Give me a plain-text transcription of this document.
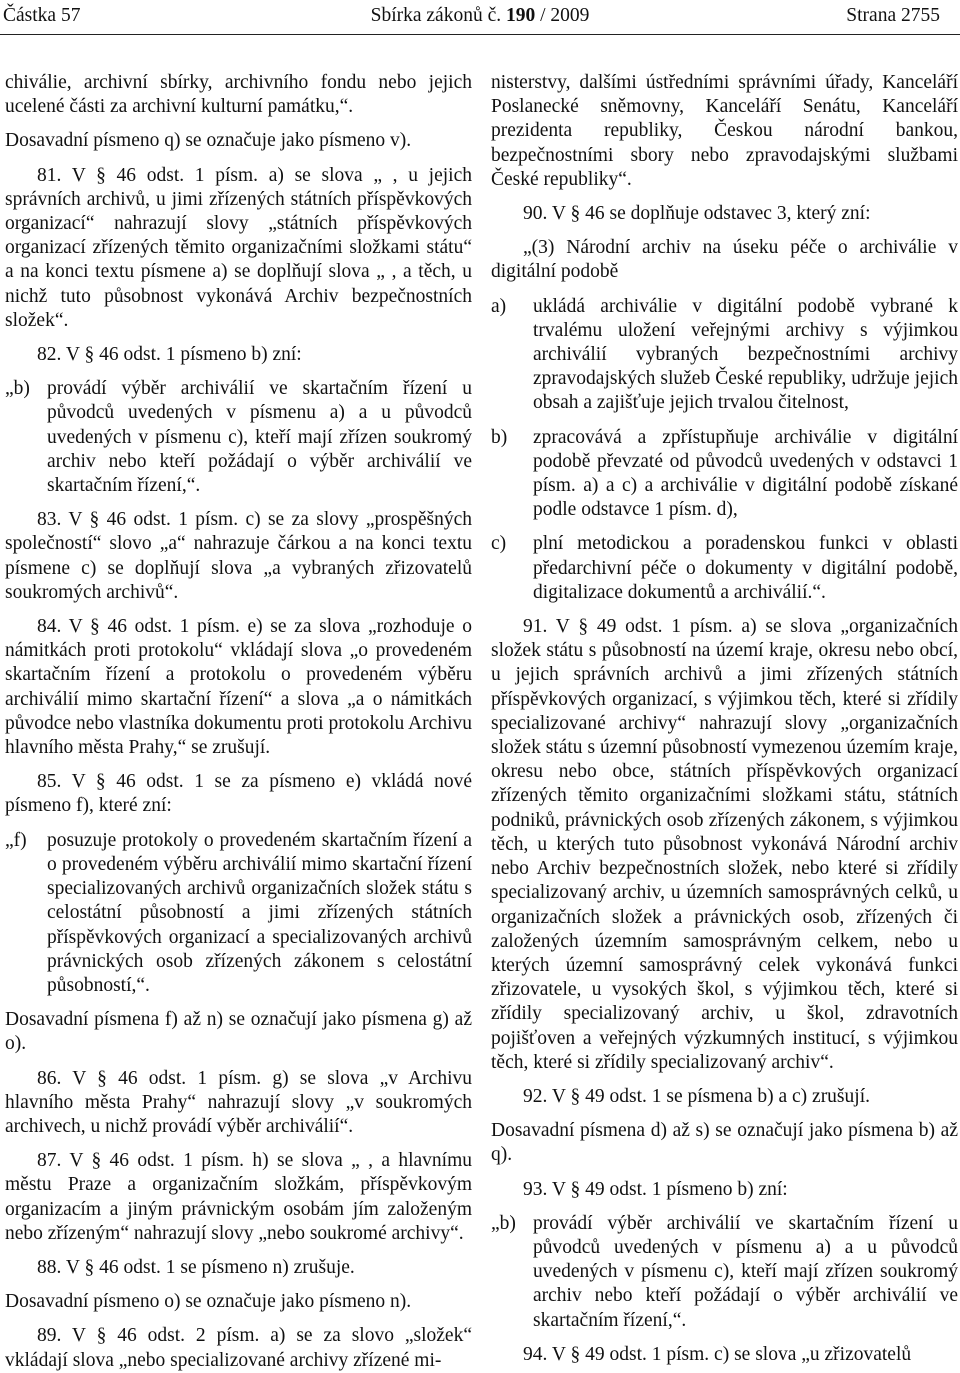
Částka 57	Sbírka zákonů č. 190 / 2009	Strana 2755

chiválie, archivní sbírky, archivního fondu nebo jejich ucelené části za archivní kulturní památku,“.

Dosavadní písmeno q) se označuje jako písmeno v).

81. V § 46 odst. 1 písm. a) se slova „ , u jejich správních archivů, u jimi zřízených státních příspěvkových organizací“ nahrazují slovy „státních příspěvkových organizací zřízených těmito organizačními složkami státu“ a na konci textu písmene a) se doplňují slova „ , a těch, u nichž tuto působnost vykonává Archiv bezpečnostních složek“.

82. V § 46 odst. 1 písmeno b) zní:

„b) provádí výběr archiválií ve skartačním řízení u původců uvedených v písmenu a) a u původců uvedených v písmenu c), kteří mají zřízen soukromý archiv nebo kteří požádají o výběr archiválií ve skartačním řízení,“.

83. V § 46 odst. 1 písm. c) se za slovy „prospěšných společností“ slovo „a“ nahrazuje čárkou a na konci textu písmene c) se doplňují slova „a vybraných zřizovatelů soukromých archivů“.

84. V § 46 odst. 1 písm. e) se za slova „rozhoduje o námitkách proti protokolu“ vkládají slova „o provedeném skartačním řízení a protokolu o provedeném výběru archiválií mimo skartační řízení“ a slova „a o námitkách původce nebo vlastníka dokumentu proti protokolu Archivu hlavního města Prahy,“ se zrušují.

85. V § 46 odst. 1 se za písmeno e) vkládá nové písmeno f), které zní:

„f)	posuzuje protokoly o provedeném skartačním řízení a o provedeném výběru archiválií mimo skartační řízení specializovaných archivů organizačních složek státu s celostátní působností a jimi zřízených státních příspěvkových organizací a specializovaných archivů právnických osob zřízených zákonem s celostátní působností,“.

Dosavadní písmena f) až n) se označují jako písmena g) až o).

86. V § 46 odst. 1 písm. g) se slova „v Archivu hlavního města Prahy“ nahrazují slovy „v soukromých archivech, u nichž provádí výběr archiválií“.

87. V § 46 odst. 1 písm. h) se slova „ , a hlavnímu městu Praze a organizačním složkám, příspěvkovým organizacím a jiným právnickým osobám jím založeným nebo zřízeným“ nahrazují slovy „nebo soukromé archivy“.

88. V § 46 odst. 1 se písmeno n) zrušuje.

Dosavadní písmeno o) se označuje jako písmeno n).

89. V § 46 odst. 2 písm. a) se za slovo „složek“ vkládají slova „nebo specializované archivy zřízené mi-

nisterstvy, dalšími ústředními správními úřady, Kanceláří Poslanecké sněmovny, Kanceláří Senátu, Kanceláří prezidenta republiky, Českou národní bankou, bezpečnostními sbory nebo zpravodajskými službami České republiky“.

90. V § 46 se doplňuje odstavec 3, který zní:

„(3) Národní archiv na úseku péče o archiválie v digitální podobě

a)	ukládá archiválie v digitální podobě vybrané k trvalému uložení veřejnými archivy s výjimkou archiválií vybraných bezpečnostními archivy zpravodajských služeb České republiky, udržuje jejich obsah a zajišťuje jejich trvalou čitelnost,
b)	zpracovává a zpřístupňuje archiválie v digitální podobě převzaté od původců uvedených v odstavci 1 písm. a) a c) a archiválie v digitální podobě získané podle odstavce 1 písm. d),
c)	plní metodickou a poradenskou funkci v oblasti předarchivní péče o dokumenty v digitální podobě, digitalizace dokumentů a archiválií.“.

91. V § 49 odst. 1 písm. a) se slova „organizačních složek státu s působností na území kraje, okresu nebo obcí, u jejich správních archivů a jimi zřízených státních příspěvkových organizací, s výjimkou těch, které si zřídily specializované archivy“ nahrazují slovy „organizačních složek státu s územní působností vymezenou územím kraje, okresu nebo obce, státních příspěvkových organizací zřízených těmito organizačními složkami státu, státních podniků, právnických osob zřízených zákonem, s výjimkou těch, u kterých tuto působnost vykonává Národní archiv nebo Archiv bezpečnostních složek, nebo které si zřídily specializovaný archiv, u územních samosprávných celků, u organizačních složek a právnických osob, zřízených či založených územním samosprávným celkem, nebo u kterých územní samosprávný celek vykonává funkci zřizovatele, u vysokých škol, s výjimkou těch, které si zřídily specializovaný archiv, u škol, zdravotních pojišťoven a veřejných výzkumných institucí, s výjimkou těch, které si zřídily specializovaný archiv“.

92. V § 49 odst. 1 se písmena b) a c) zrušují.

Dosavadní písmena d) až s) se označují jako písmena b) až q).

93. V § 49 odst. 1 písmeno b) zní:

„b) provádí výběr archiválií ve skartačním řízení u původců uvedených v písmenu a) a u původců uvedených v písmenu c), kteří mají zřízen soukromý archiv nebo kteří požádají o výběr archiválií ve skartačním řízení,“.

94. V § 49 odst. 1 písm. c) se slova „u zřizovatelů
